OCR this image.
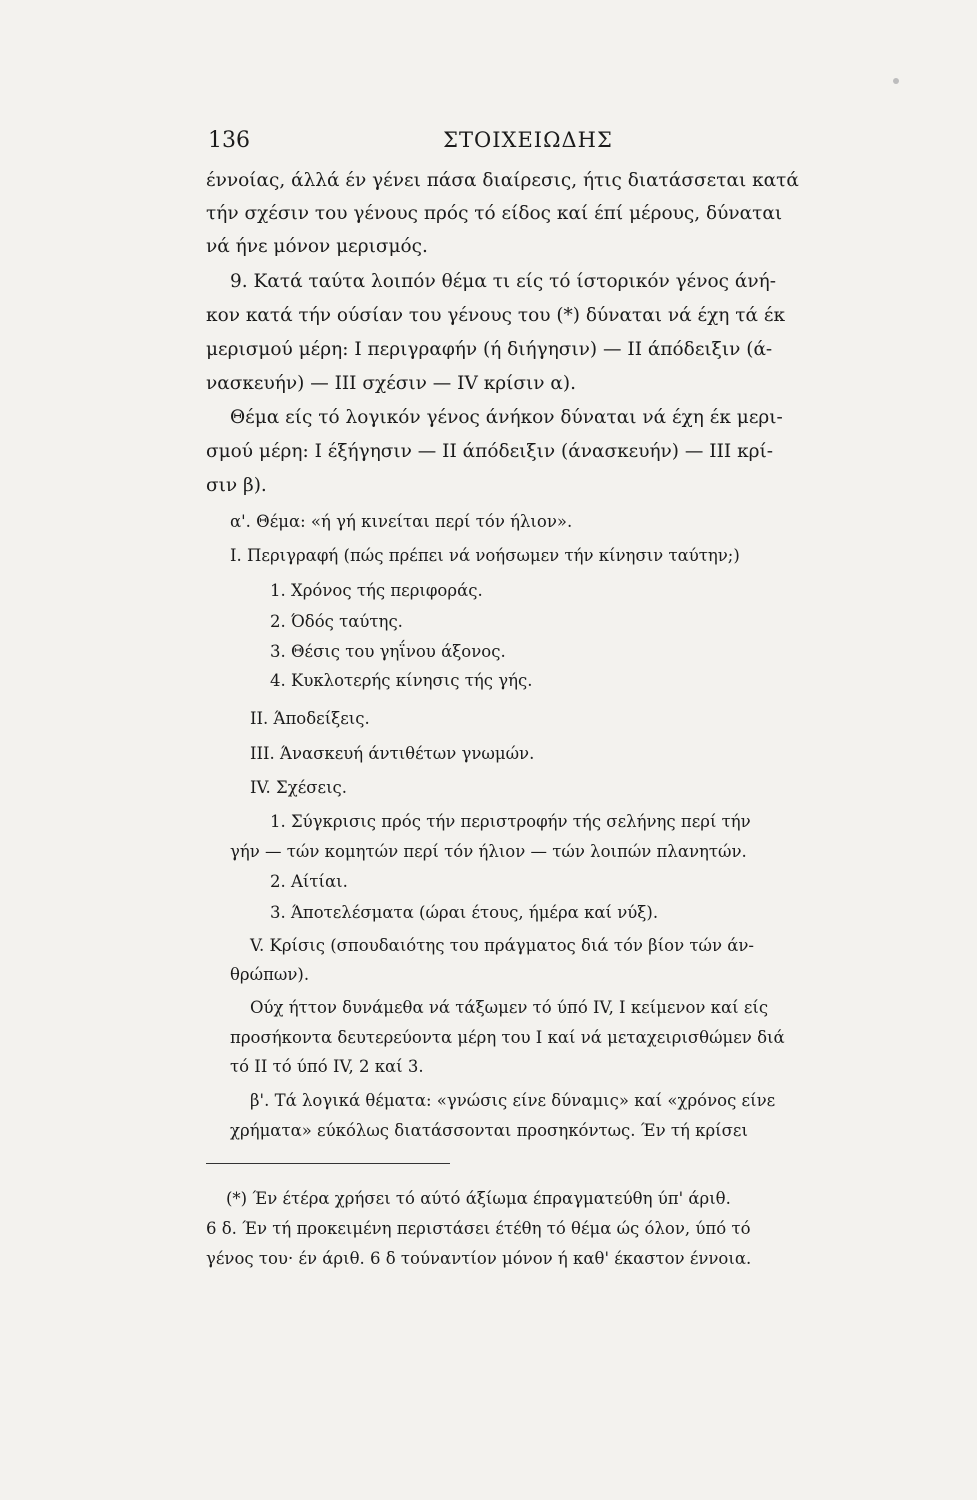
136	ΣΤΟΙΧΕΙΩΔΗΣ
έννοίας, άλλά έν γένει πάσα διαίρεσις, ήτις διατάσσεται κατά
τήν σχέσιν του γένους πρός τό είδος καί έπί μέρους, δύναται
νά ήνε μόνον μερισμός.
9. Κατά ταύτα λοιπόν θέμα τι είς τό ίστορικόν γένος άνή-
κον κατά τήν ούσίαν του γένους του (*) δύναται νά έχη τά έκ
μερισμού μέρη: Ι περιγραφήν (ή διήγησιν) — ΙΙ άπόδειξιν (ά-
νασκευήν) — ΙΙΙ σχέσιν — ΙV κρίσιν α).
Θέμα είς τό λογικόν γένος άνήκον δύναται νά έχη έκ μερι-
σμού μέρη: Ι έξήγησιν — ΙΙ άπόδειξιν (άνασκευήν) — ΙΙΙ κρί-
σιν β).
α'. Θέμα: «ή γή κινείται περί τόν ήλιον».
Ι. Περιγραφή (πώς πρέπει νά νοήσωμεν τήν κίνησιν ταύτην;)
1. Χρόνος τής περιφοράς.
2. Όδός ταύτης.
3. Θέσις του γηΐνου άξονος.
4. Κυκλοτερής κίνησις τής γής.
ΙΙ. Άποδείξεις.
ΙΙΙ. Άνασκευή άντιθέτων γνωμών.
ΙV. Σχέσεις.
1. Σύγκρισις πρός τήν περιστροφήν τής σελήνης περί τήν
γήν — τών κομητών περί τόν ήλιον — τών λοιπών πλανητών.
2. Αίτίαι.
3. Άποτελέσματα (ώραι έτους, ήμέρα καί νύξ).
V. Κρίσις (σπουδαιότης του πράγματος διά τόν βίον τών άν-
θρώπων).
Ούχ ήττον δυνάμεθα νά τάξωμεν τό ύπό ΙV, Ι κείμενον καί είς
προσήκοντα δευτερεύοντα μέρη του Ι καί νά μεταχειρισθώμεν διά
τό ΙΙ τό ύπό ΙV, 2 καί 3.
β'. Τά λογικά θέματα: «γνώσις είνε δύναμις» καί «χρόνος είνε
χρήματα» εύκόλως διατάσσονται προσηκόντως. Έν τή κρίσει
(*) Έν έτέρα χρήσει τό αύτό άξίωμα έπραγματεύθη ύπ' άριθ.
6 δ. Έν τή προκειμένη περιστάσει έτέθη τό θέμα ώς όλον, ύπό τό
γένος του· έν άριθ. 6 δ τούναντίον μόνον ή καθ' έκαστον έννοια.
